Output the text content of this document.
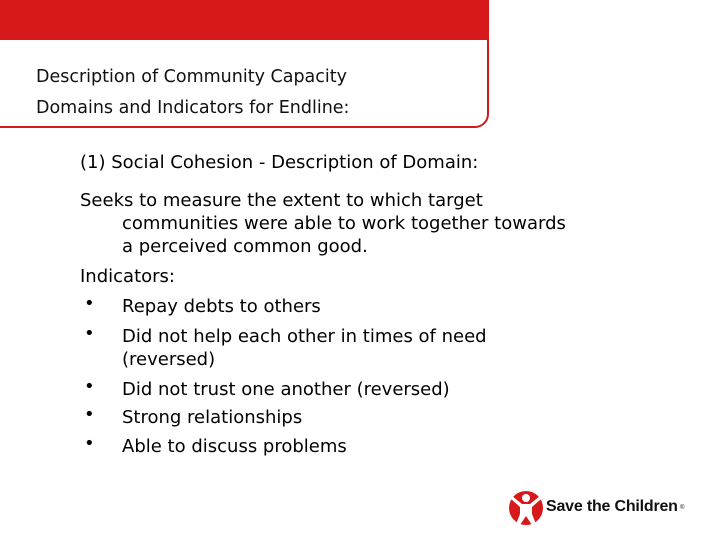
Description of Community Capacity
Domains and Indicators for Endline:
(1) Social Cohesion - Description of Domain:
Seeks to measure the extent to which target
communities were able to work together towards
a perceived common good.
Indicators:
• Repay debts to others
• Did not help each other in times of need
(reversed)
• Did not trust one another (reversed)
• Strong relationships
• Able to discuss problems
Save the Children ®
